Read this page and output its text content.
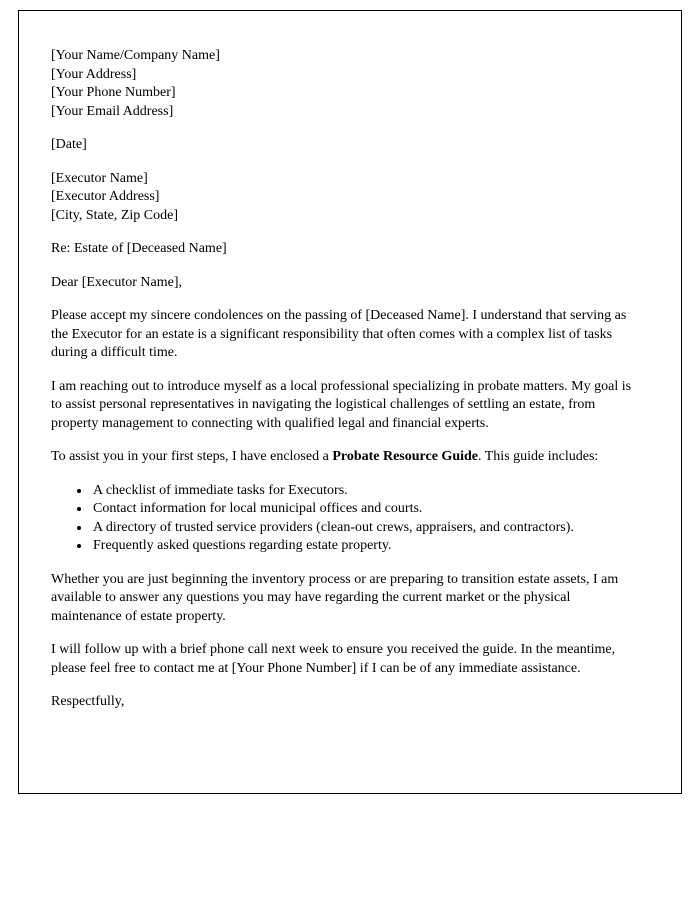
[Your Name/Company Name]

[Your Address]

[Your Phone Number]

[Your Email Address]

[Date]

[Executor Name]

[Executor Address]

[City, State, Zip Code]

Re: Estate of [Deceased Name]

Dear [Executor Name],

Please accept my sincere condolences on the passing of [Deceased Name]. I understand that serving as the Executor for an estate is a significant responsibility that often comes with a complex list of tasks during a difficult time.

I am reaching out to introduce myself as a local professional specializing in probate matters. My goal is to assist personal representatives in navigating the logistical challenges of settling an estate, from property management to connecting with qualified legal and financial experts.

To assist you in your first steps, I have enclosed a Probate Resource Guide. This guide includes:

• A checklist of immediate tasks for Executors.
• Contact information for local municipal offices and courts.
• A directory of trusted service providers (clean-out crews, appraisers, and contractors).
• Frequently asked questions regarding estate property.

Whether you are just beginning the inventory process or are preparing to transition estate assets, I am available to answer any questions you may have regarding the current market or the physical maintenance of estate property.

I will follow up with a brief phone call next week to ensure you received the guide. In the meantime, please feel free to contact me at [Your Phone Number] if I can be of any immediate assistance.

Respectfully,
